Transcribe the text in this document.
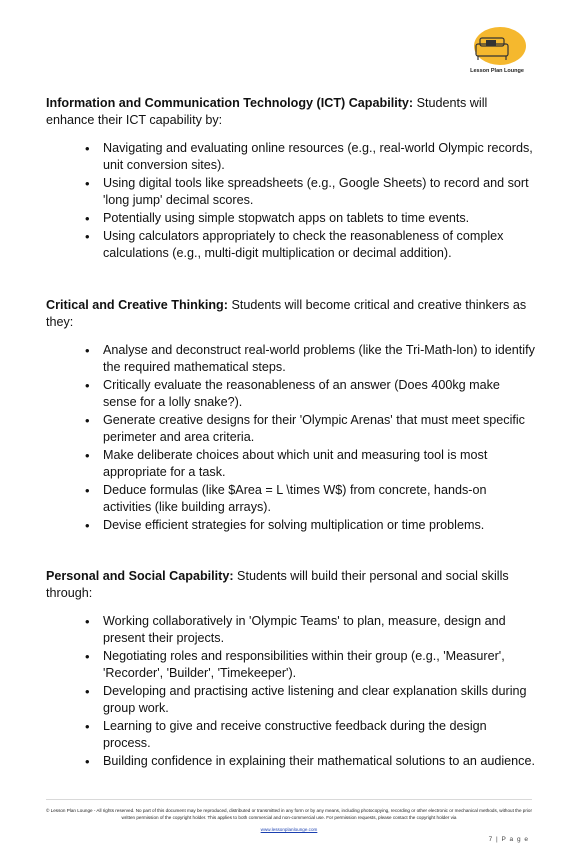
Lesson Plan Lounge

Information and Communication Technology (ICT) Capability: Students will enhance their ICT capability by:

• Navigating and evaluating online resources (e.g., real-world Olympic records, unit conversion sites).
• Using digital tools like spreadsheets (e.g., Google Sheets) to record and sort 'long jump' decimal scores.
• Potentially using simple stopwatch apps on tablets to time events.
• Using calculators appropriately to check the reasonableness of complex calculations (e.g., multi-digit multiplication or decimal addition).

Critical and Creative Thinking: Students will become critical and creative thinkers as they:

• Analyse and deconstruct real-world problems (like the Tri-Math-lon) to identify the required mathematical steps.
• Critically evaluate the reasonableness of an answer (Does 400kg make sense for a lolly snake?).
• Generate creative designs for their 'Olympic Arenas' that must meet specific perimeter and area criteria.
• Make deliberate choices about which unit and measuring tool is most appropriate for a task.
• Deduce formulas (like $Area = L \times W$) from concrete, hands-on activities (like building arrays).
• Devise efficient strategies for solving multiplication or time problems.

Personal and Social Capability: Students will build their personal and social skills through:

• Working collaboratively in 'Olympic Teams' to plan, measure, design and present their projects.
• Negotiating roles and responsibilities within their group (e.g., 'Measurer', 'Recorder', 'Builder', 'Timekeeper').
• Developing and practising active listening and clear explanation skills during group work.
• Learning to give and receive constructive feedback during the design process.
• Building confidence in explaining their mathematical solutions to an audience.
© Lesson Plan Lounge - All rights reserved. No part of this document may be reproduced, distributed or transmitted in any form or by any means, including photocopying, recording or other electronic or mechanical methods, without the prior written permission of the copyright holder. This applies to both commercial and non-commercial use. For permission requests, please contact the copyright holder via
www.lessonplanlounge.com
7 | P a g e
